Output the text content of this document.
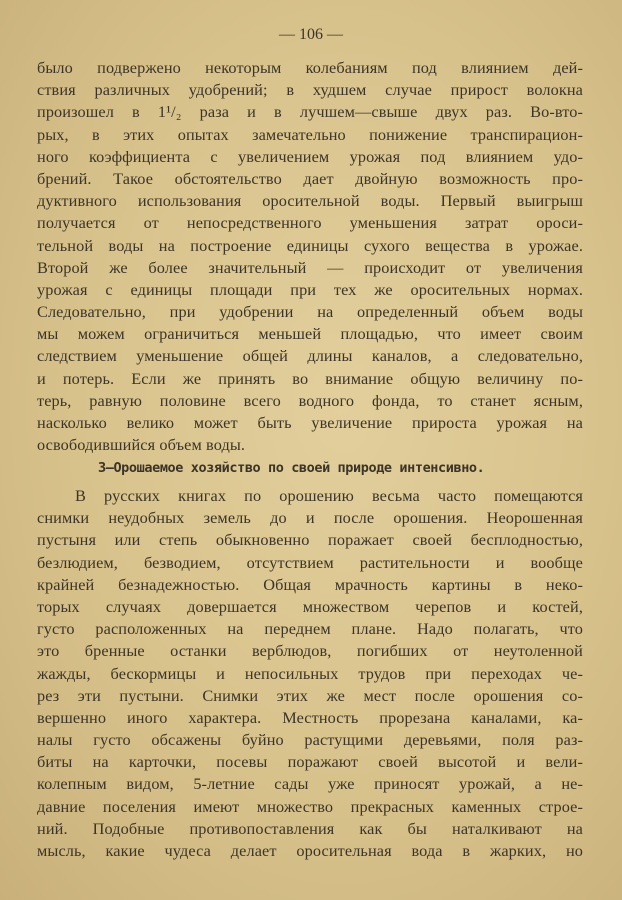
— 106 —
было подвержено некоторым колебаниям под влиянием дей-
ствия различных удобрений; в худшем случае прирост волокна
произошел в 1¹/₂ раза и в лучшем—свыше двух раз. Во-вто-
рых, в этих опытах замечательно понижение транспирацион-
ного коэффициента с увеличением урожая под влиянием удо-
брений. Такое обстоятельство дает двойную возможность про-
дуктивного использования оросительной воды. Первый выигрыш
получается от непосредственного уменьшения затрат ороси-
тельной воды на построение единицы сухого вещества в урожае.
Второй же более значительный — происходит от увеличения
урожая с единицы площади при тех же оросительных нормах.
Следовательно, при удобрении на определенный объем воды
мы можем ограничиться меньшей площадью, что имеет своим
следствием уменьшение общей длины каналов, а следовательно,
и потерь. Если же принять во внимание общую величину по-
терь, равную половине всего водного фонда, то станет ясным,
насколько велико может быть увеличение прироста урожая на
освободившийся объем воды.
3—Орошаемое хозяйство по своей природе интенсивно.
В русских книгах по орошению весьма часто помещаются
снимки неудобных земель до и после орошения. Неорошенная
пустыня или степь обыкновенно поражает своей бесплодностью,
безлюдием, безводием, отсутствием растительности и вообще
крайней безнадежностью. Общая мрачность картины в неко-
торых случаях довершается множеством черепов и костей,
густо расположенных на переднем плане. Надо полагать, что
это бренные останки верблюдов, погибших от неутоленной
жажды, бескормицы и непосильных трудов при переходах че-
рез эти пустыни. Снимки этих же мест после орошения со-
вершенно иного характера. Местность прорезана каналами, ка-
налы густо обсажены буйно растущими деревьями, поля раз-
биты на карточки, посевы поражают своей высотой и вели-
колепным видом, 5-летние сады уже приносят урожай, а не-
давние поселения имеют множество прекрасных каменных строе-
ний. Подобные противопоставления как бы наталкивают на
мысль, какие чудеса делает оросительная вода в жарких, но
